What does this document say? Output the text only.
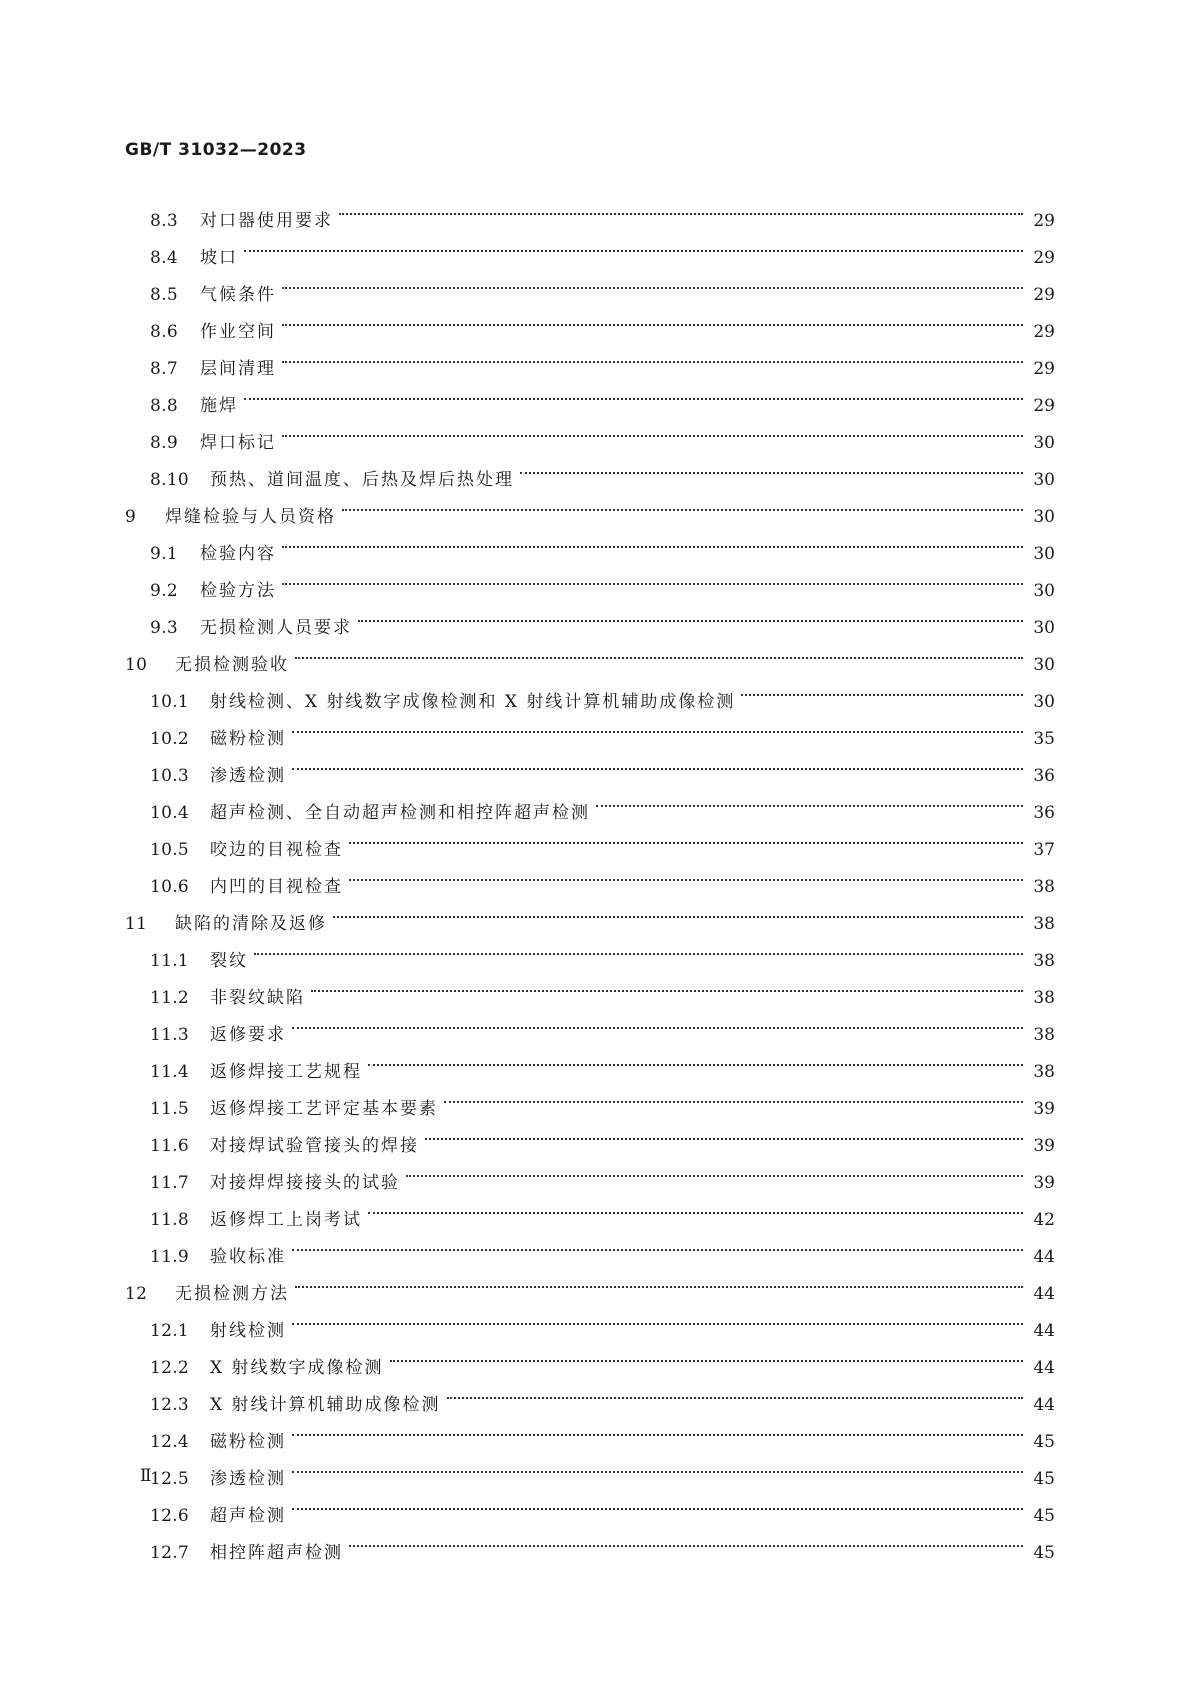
GB/T 31032—2023
8.3	对口器使用要求	29
8.4	坡口	29
8.5	气候条件	29
8.6	作业空间	29
8.7	层间清理	29
8.8	施焊	29
8.9	焊口标记	30
8.10	预热、道间温度、后热及焊后热处理	30
9	焊缝检验与人员资格	30
9.1	检验内容	30
9.2	检验方法	30
9.3	无损检测人员要求	30
10	无损检测验收	30
10.1	射线检测、X 射线数字成像检测和 X 射线计算机辅助成像检测	30
10.2	磁粉检测	35
10.3	渗透检测	36
10.4	超声检测、全自动超声检测和相控阵超声检测	36
10.5	咬边的目视检查	37
10.6	内凹的目视检查	38
11	缺陷的清除及返修	38
11.1	裂纹	38
11.2	非裂纹缺陷	38
11.3	返修要求	38
11.4	返修焊接工艺规程	38
11.5	返修焊接工艺评定基本要素	39
11.6	对接焊试验管接头的焊接	39
11.7	对接焊焊接接头的试验	39
11.8	返修焊工上岗考试	42
11.9	验收标准	44
12	无损检测方法	44
12.1	射线检测	44
12.2	X 射线数字成像检测	44
12.3	X 射线计算机辅助成像检测	44
12.4	磁粉检测	45
12.5	渗透检测	45
12.6	超声检测	45
12.7	相控阵超声检测	45
Ⅱ
